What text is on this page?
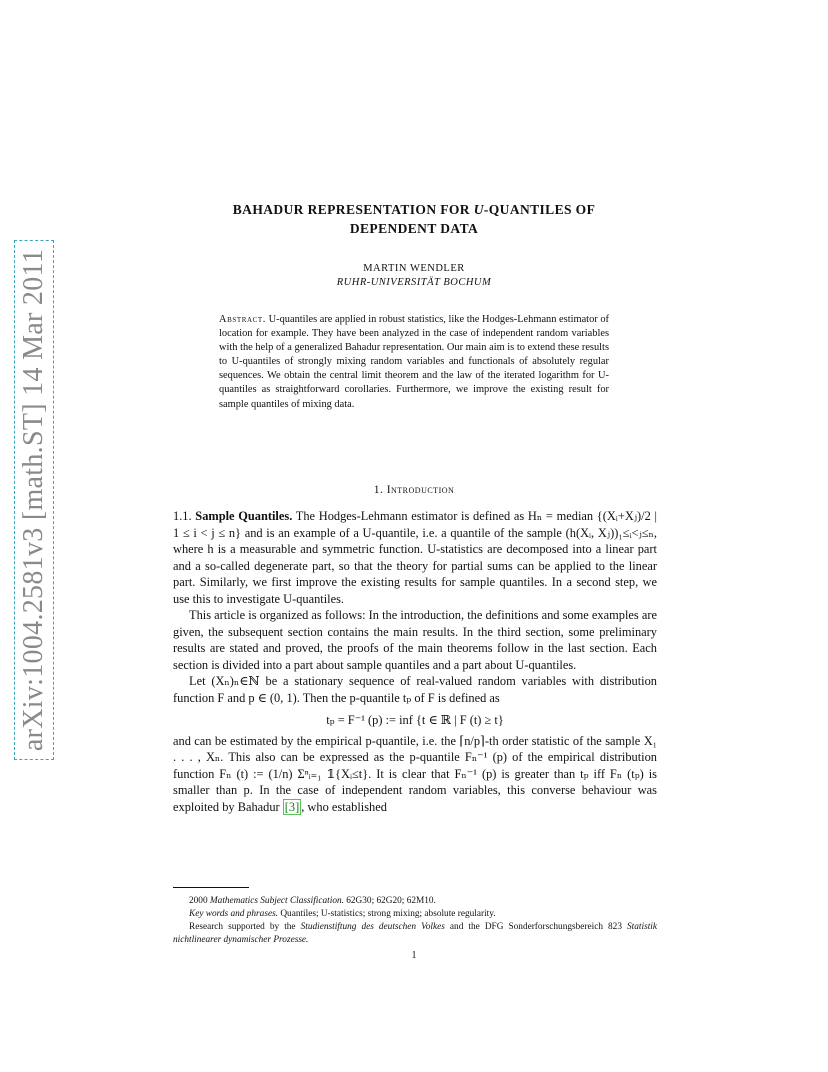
arXiv:1004.2581v3 [math.ST] 14 Mar 2011
BAHADUR REPRESENTATION FOR U-QUANTILES OF
DEPENDENT DATA
MARTIN WENDLER
RUHR-UNIVERSITÄT BOCHUM
Abstract. U-quantiles are applied in robust statistics, like the Hodges-Lehmann estimator of location for example. They have been analyzed in the case of independent random variables with the help of a generalized Bahadur representation. Our main aim is to extend these results to U-quantiles of strongly mixing random variables and functionals of absolutely regular sequences. We obtain the central limit theorem and the law of the iterated logarithm for U-quantiles as straightforward corollaries. Furthermore, we improve the existing result for sample quantiles of mixing data.
1. Introduction

1.1. Sample Quantiles. The Hodges-Lehmann estimator is defined as Hₙ = median {(Xᵢ+Xⱼ)/2 | 1 ≤ i < j ≤ n} and is an example of a U-quantile, i.e. a quantile of the sample (h(Xᵢ, Xⱼ))₁≤ᵢ<ⱼ≤ₙ, where h is a measurable and symmetric function. U-statistics are decomposed into a linear part and a so-called degenerate part, so that the theory for partial sums can be applied to the linear part. Similarly, we first improve the existing results for sample quantiles. In a second step, we use this to investigate U-quantiles.

This article is organized as follows: In the introduction, the definitions and some examples are given, the subsequent section contains the main results. In the third section, some preliminary results are stated and proved, the proofs of the main theorems follow in the last section. Each section is divided into a part about sample quantiles and a part about U-quantiles.

Let (Xₙ)ₙ∈ℕ be a stationary sequence of real-valued random variables with distribution function F and p ∈ (0, 1). Then the p-quantile tₚ of F is defined as

tₚ = F⁻¹ (p) := inf {t ∈ ℝ | F (t) ≥ t}

and can be estimated by the empirical p-quantile, i.e. the ⌈n/p⌉-th order statistic of the sample X₁ . . . , Xₙ. This also can be expressed as the p-quantile Fₙ⁻¹ (p) of the empirical distribution function Fₙ (t) := (1/n) Σⁿᵢ₌₁ 𝟙{Xᵢ≤t}. It is clear that Fₙ⁻¹ (p) is greater than tₚ iff Fₙ (tₚ) is smaller than p. In the case of independent random variables, this converse behaviour was exploited by Bahadur [3] , who established

2000 Mathematics Subject Classification. 62G30; 62G20; 62M10.
Key words and phrases. Quantiles; U-statistics; strong mixing; absolute regularity.
Research supported by the Studienstiftung des deutschen Volkes and the DFG Sonderforschungsbereich 823 Statistik nichtlinearer dynamischer Prozesse.
1
